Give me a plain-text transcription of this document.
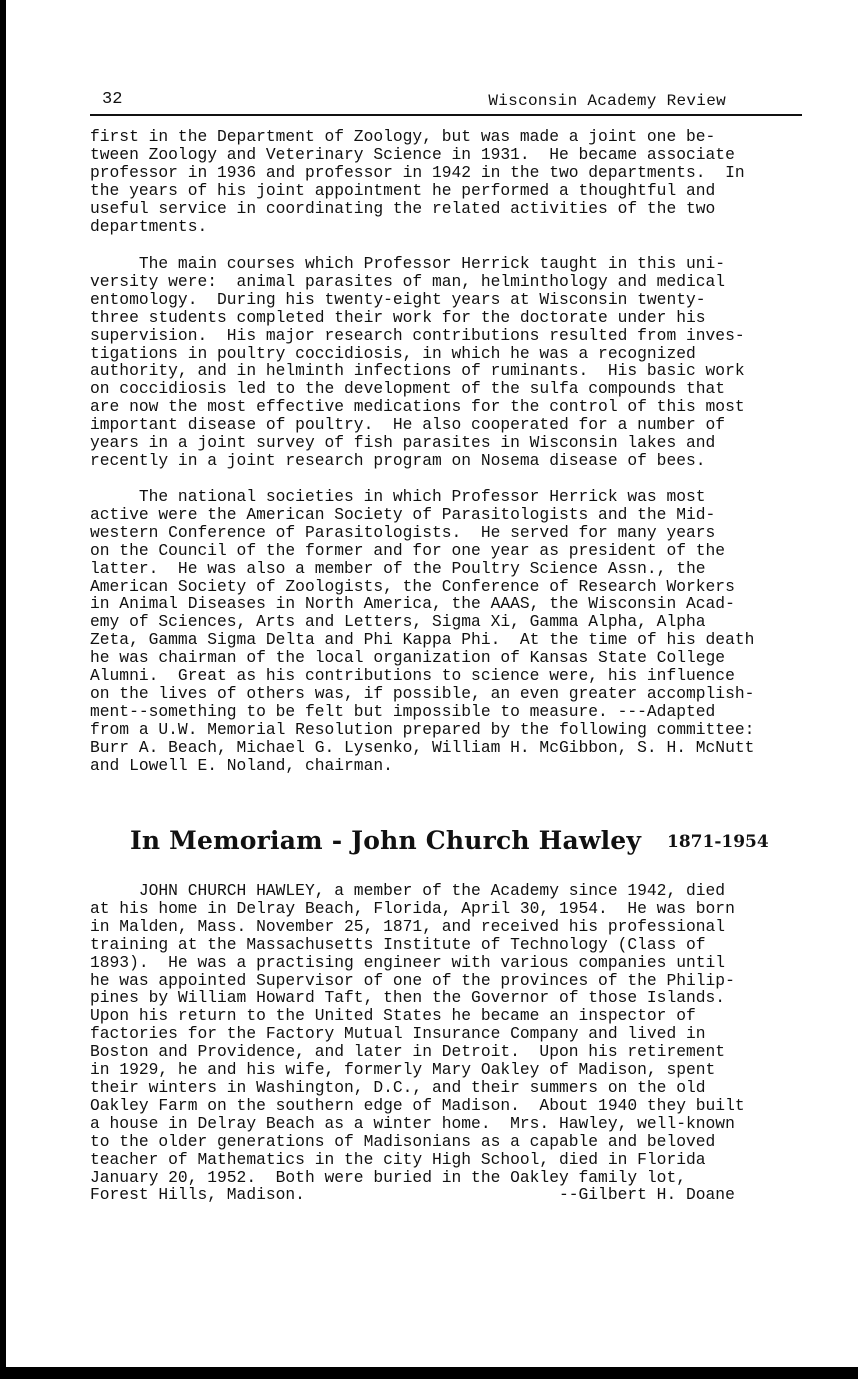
32	Wisconsin Academy Review
first in the Department of Zoology, but was made a joint one be-
tween Zoology and Veterinary Science in 1931.  He became associate
professor in 1936 and professor in 1942 in the two departments.  In
the years of his joint appointment he performed a thoughtful and
useful service in coordinating the related activities of the two
departments.
The main courses which Professor Herrick taught in this uni-
versity were:  animal parasites of man, helminthology and medical
entomology.  During his twenty-eight years at Wisconsin twenty-
three students completed their work for the doctorate under his
supervision.  His major research contributions resulted from inves-
tigations in poultry coccidiosis, in which he was a recognized
authority, and in helminth infections of ruminants.  His basic work
on coccidiosis led to the development of the sulfa compounds that
are now the most effective medications for the control of this most
important disease of poultry.  He also cooperated for a number of
years in a joint survey of fish parasites in Wisconsin lakes and
recently in a joint research program on Nosema disease of bees.
The national societies in which Professor Herrick was most
active were the American Society of Parasitologists and the Mid-
western Conference of Parasitologists.  He served for many years
on the Council of the former and for one year as president of the
latter.  He was also a member of the Poultry Science Assn., the
American Society of Zoologists, the Conference of Research Workers
in Animal Diseases in North America, the AAAS, the Wisconsin Acad-
emy of Sciences, Arts and Letters, Sigma Xi, Gamma Alpha, Alpha
Zeta, Gamma Sigma Delta and Phi Kappa Phi.  At the time of his death
he was chairman of the local organization of Kansas State College
Alumni.  Great as his contributions to science were, his influence
on the lives of others was, if possible, an even greater accomplish-
ment--something to be felt but impossible to measure. ---Adapted
from a U.W. Memorial Resolution prepared by the following committee:
Burr A. Beach, Michael G. Lysenko, William H. McGibbon, S. H. McNutt
and Lowell E. Noland, chairman.
In Memoriam - John Church Hawley 1871-1954
JOHN CHURCH HAWLEY, a member of the Academy since 1942, died
at his home in Delray Beach, Florida, April 30, 1954.  He was born
in Malden, Mass. November 25, 1871, and received his professional
training at the Massachusetts Institute of Technology (Class of
1893).  He was a practising engineer with various companies until
he was appointed Supervisor of one of the provinces of the Philip-
pines by William Howard Taft, then the Governor of those Islands.
Upon his return to the United States he became an inspector of
factories for the Factory Mutual Insurance Company and lived in
Boston and Providence, and later in Detroit.  Upon his retirement
in 1929, he and his wife, formerly Mary Oakley of Madison, spent
their winters in Washington, D.C., and their summers on the old
Oakley Farm on the southern edge of Madison.  About 1940 they built
a house in Delray Beach as a winter home.  Mrs. Hawley, well-known
to the older generations of Madisonians as a capable and beloved
teacher of Mathematics in the city High School, died in Florida
January 20, 1952.  Both were buried in the Oakley family lot,
Forest Hills, Madison.                          --Gilbert H. Doane
